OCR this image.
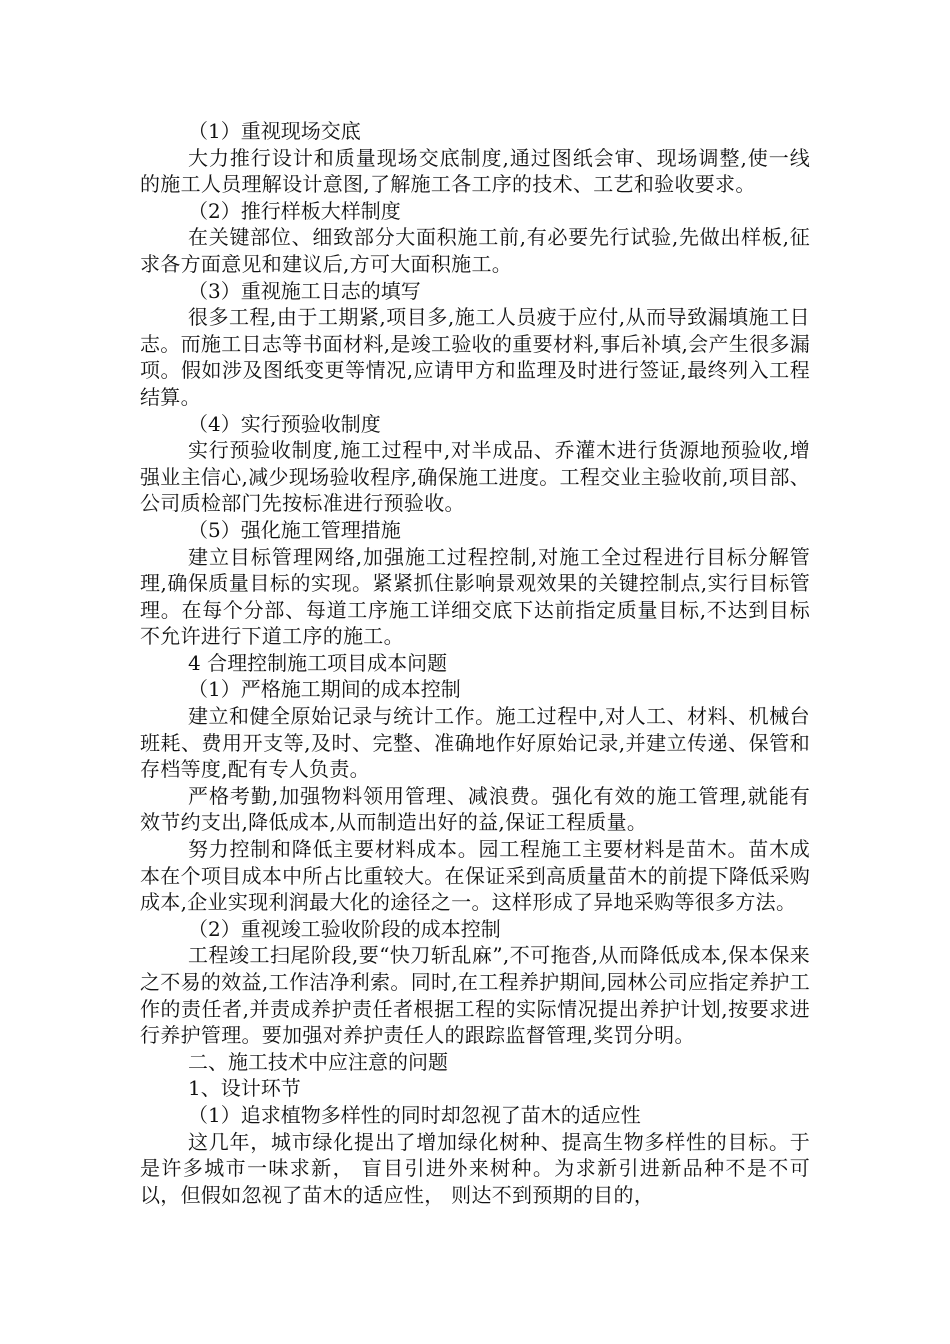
（1）重视现场交底

大力推行设计和质量现场交底制度,通过图纸会审、现场调整,使一线的施工人员理解设计意图,了解施工各工序的技术、工艺和验收要求。

（2）推行样板大样制度

在关键部位、细致部分大面积施工前,有必要先行试验,先做出样板,征求各方面意见和建议后,方可大面积施工。

（3）重视施工日志的填写

很多工程,由于工期紧,项目多,施工人员疲于应付,从而导致漏填施工日志。而施工日志等书面材料,是竣工验收的重要材料,事后补填,会产生很多漏项。假如涉及图纸变更等情况,应请甲方和监理及时进行签证,最终列入工程结算。

（4）实行预验收制度

实行预验收制度,施工过程中,对半成品、乔灌木进行货源地预验收,增强业主信心,减少现场验收程序,确保施工进度。工程交业主验收前,项目部、公司质检部门先按标准进行预验收。

（5）强化施工管理措施

建立目标管理网络,加强施工过程控制,对施工全过程进行目标分解管理,确保质量目标的实现。紧紧抓住影响景观效果的关键控制点,实行目标管理。在每个分部、每道工序施工详细交底下达前指定质量目标,不达到目标不允许进行下道工序的施工。

4 合理控制施工项目成本问题

（1）严格施工期间的成本控制

建立和健全原始记录与统计工作。施工过程中,对人工、材料、机械台班耗、费用开支等,及时、完整、准确地作好原始记录,并建立传递、保管和存档等度,配有专人负责。

严格考勤,加强物料领用管理、减浪费。强化有效的施工管理,就能有效节约支出,降低成本,从而制造出好的益,保证工程质量。

努力控制和降低主要材料成本。园工程施工主要材料是苗木。苗木成本在个项目成本中所占比重较大。在保证采到高质量苗木的前提下降低采购成本,企业实现利润最大化的途径之一。这样形成了异地采购等很多方法。

（2）重视竣工验收阶段的成本控制

工程竣工扫尾阶段,要“快刀斩乱麻”,不可拖沓,从而降低成本,保本保来之不易的效益,工作洁净利索。同时,在工程养护期间,园林公司应指定养护工作的责任者,并责成养护责任者根据工程的实际情况提出养护计划,按要求进行养护管理。要加强对养护责任人的跟踪监督管理,奖罚分明。

二、施工技术中应注意的问题

1、设计环节

（1）追求植物多样性的同时却忽视了苗木的适应性

这几年，城市绿化提出了增加绿化树种、提高生物多样性的目标。于是许多城市一味求新， 盲目引进外来树种。为求新引进新品种不是不可以，但假如忽视了苗木的适应性， 则达不到预期的目的，
